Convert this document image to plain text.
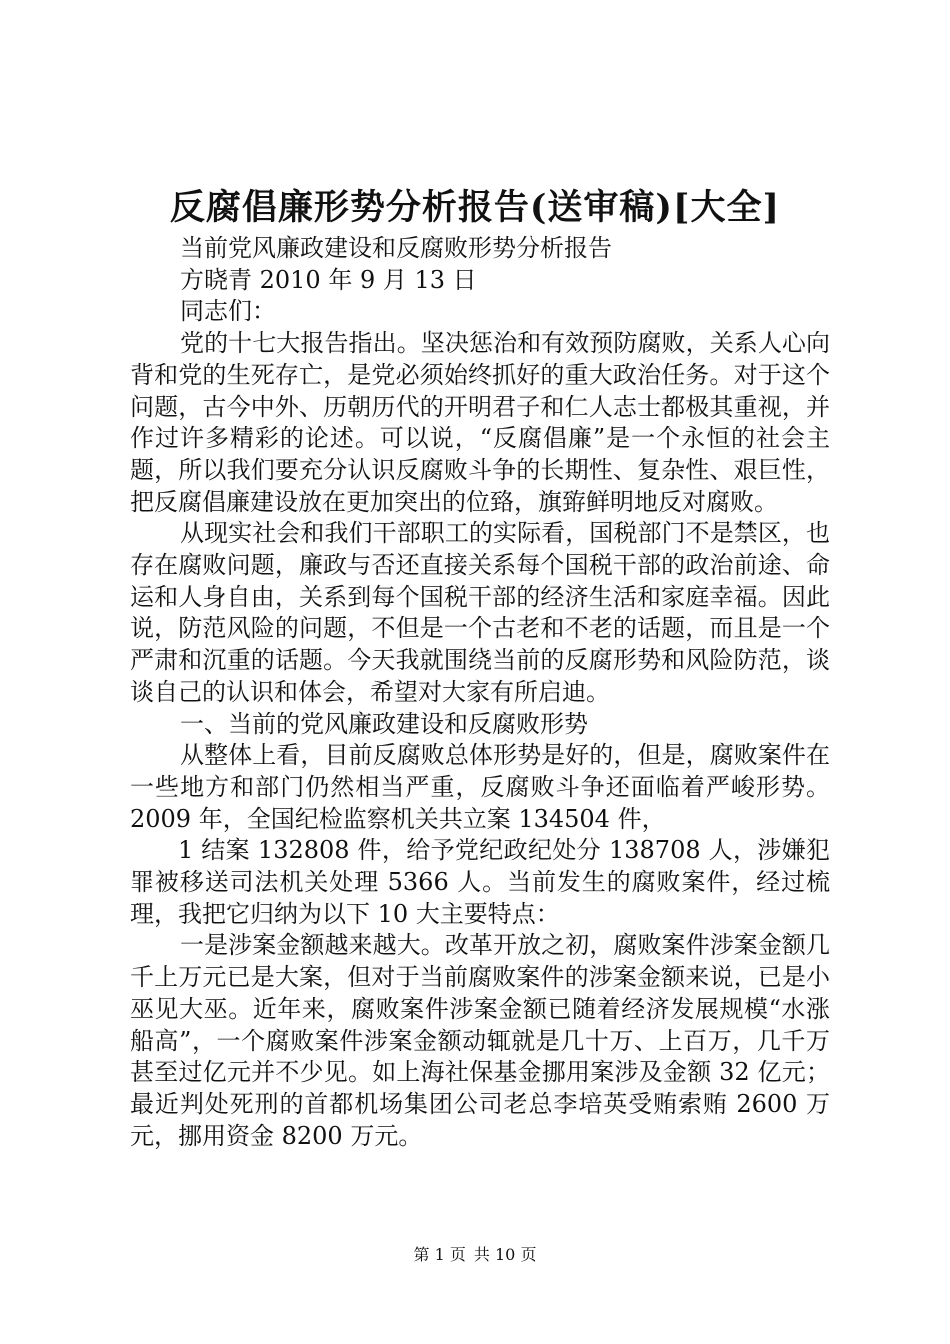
反腐倡廉形势分析报告(送审稿)[大全]

当前党风廉政建设和反腐败形势分析报告

方晓青 2010 年 9 月 13 日

同志们：

党的十七大报告指出。坚决惩治和有效预防腐败，关系人心向背和党的生死存亡，是党必须始终抓好的重大政治任务。对于这个问题，古今中外、历朝历代的开明君子和仁人志士都极其重视，并作过许多精彩的论述。可以说，“反腐倡廉”是一个永恒的社会主题，所以我们要充分认识反腐败斗争的长期性、复杂性、艰巨性，把反腐倡廉建设放在更加突出的位臵，旗臶鲜明地反对腐败。

从现实社会和我们干部职工的实际看，国税部门不是禁区，也存在腐败问题，廉政与否还直接关系每个国税干部的政治前途、命运和人身自由，关系到每个国税干部的经济生活和家庭幸福。因此说，防范风险的问题，不但是一个古老和不老的话题，而且是一个严肃和沉重的话题。今天我就围绕当前的反腐形势和风险防范，谈谈自己的认识和体会，希望对大家有所启迪。

一、当前的党风廉政建设和反腐败形势

从整体上看，目前反腐败总体形势是好的，但是，腐败案件在一些地方和部门仍然相当严重，反腐败斗争还面临着严峻形势。2009 年，全国纪检监察机关共立案 134504 件，

1 结案 132808 件，给予党纪政纪处分 138708 人，涉嫌犯罪被移送司法机关处理 5366 人。当前发生的腐败案件，经过梳理，我把它归纳为以下 10 大主要特点：

一是涉案金额越来越大。改革开放之初，腐败案件涉案金额几千上万元已是大案，但对于当前腐败案件的涉案金额来说，已是小巫见大巫。近年来，腐败案件涉案金额已随着经济发展规模“水涨船高”，一个腐败案件涉案金额动辄就是几十万、上百万，几千万甚至过亿元并不少见。如上海社保基金挪用案涉及金额 32 亿元；最近判处死刑的首都机场集团公司老总李培英受贿索贿 2600 万元，挪用资金 8200 万元。

第 1 页 共 10 页
